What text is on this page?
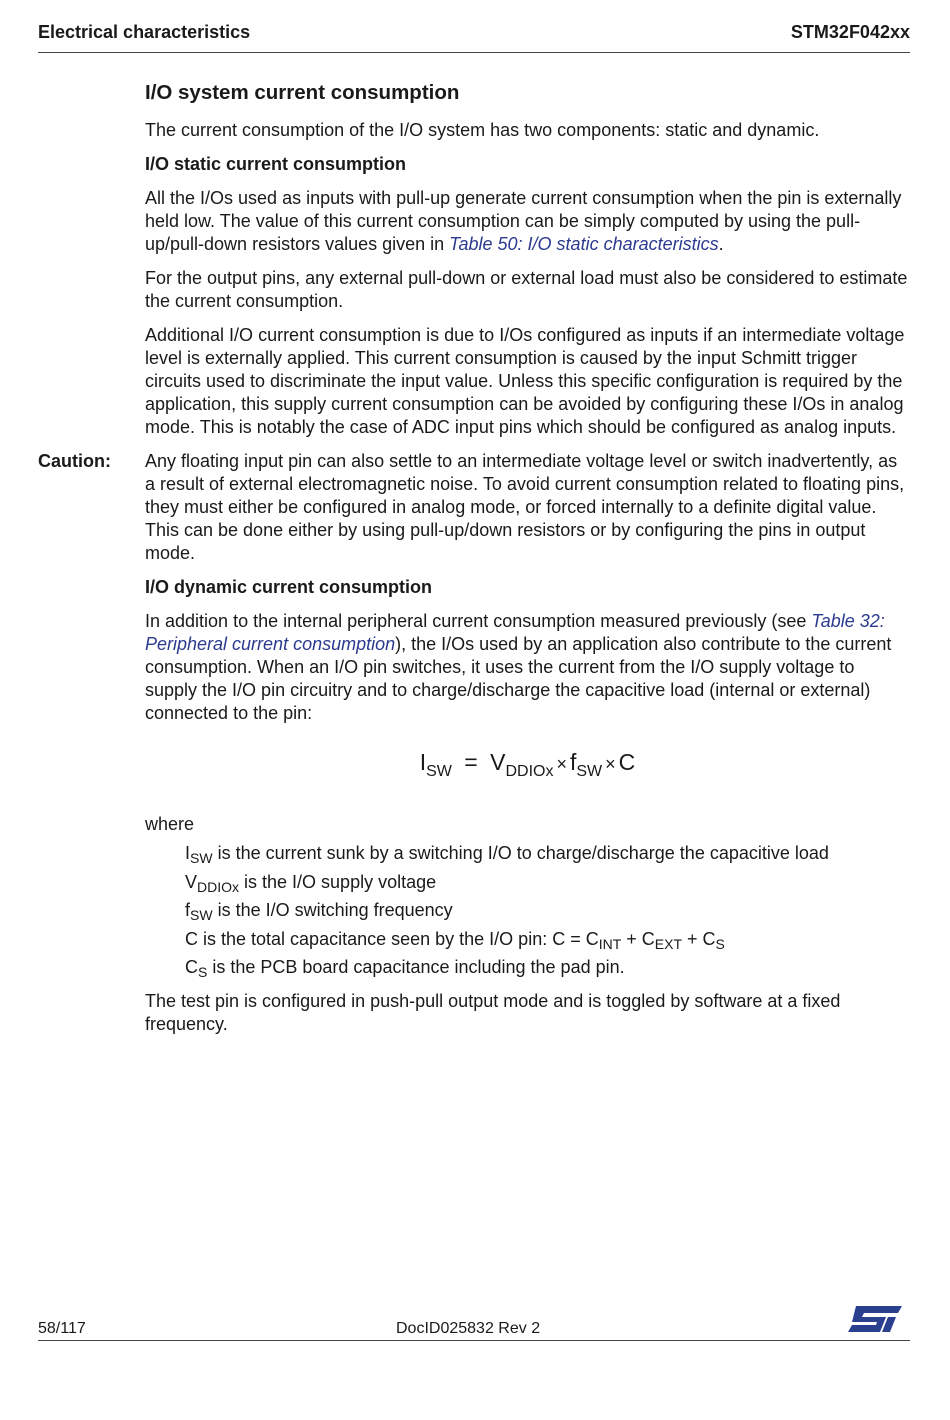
Electrical characteristics	STM32F042xx
I/O system current consumption

The current consumption of the I/O system has two components: static and dynamic.

I/O static current consumption

All the I/Os used as inputs with pull-up generate current consumption when the pin is externally held low. The value of this current consumption can be simply computed by using the pull-up/pull-down resistors values given in Table 50: I/O static characteristics.

For the output pins, any external pull-down or external load must also be considered to estimate the current consumption.

Additional I/O current consumption is due to I/Os configured as inputs if an intermediate voltage level is externally applied. This current consumption is caused by the input Schmitt trigger circuits used to discriminate the input value. Unless this specific configuration is required by the application, this supply current consumption can be avoided by configuring these I/Os in analog mode. This is notably the case of ADC input pins which should be configured as analog inputs.

Caution: Any floating input pin can also settle to an intermediate voltage level or switch inadvertently, as a result of external electromagnetic noise. To avoid current consumption related to floating pins, they must either be configured in analog mode, or forced internally to a definite digital value. This can be done either by using pull-up/down resistors or by configuring the pins in output mode.
I/O dynamic current consumption

In addition to the internal peripheral current consumption measured previously (see Table 32: Peripheral current consumption), the I/Os used by an application also contribute to the current consumption. When an I/O pin switches, it uses the current from the I/O supply voltage to supply the I/O pin circuitry and to charge/discharge the capacitive load (internal or external) connected to the pin:

$I_{SW} = V_{DDIOx} \times f_{SW} \times C$
where
$I_{SW}$ is the current sunk by a switching I/O to charge/discharge the capacitive load
$V_{DDIOx}$ is the I/O supply voltage
$f_{SW}$ is the I/O switching frequency
C is the total capacitance seen by the I/O pin: $C = C_{INT} + C_{EXT} + C_S$
$C_S$ is the PCB board capacitance including the pad pin.

The test pin is configured in push-pull output mode and is toggled by software at a fixed frequency.

58/117	DocID025832 Rev 2
